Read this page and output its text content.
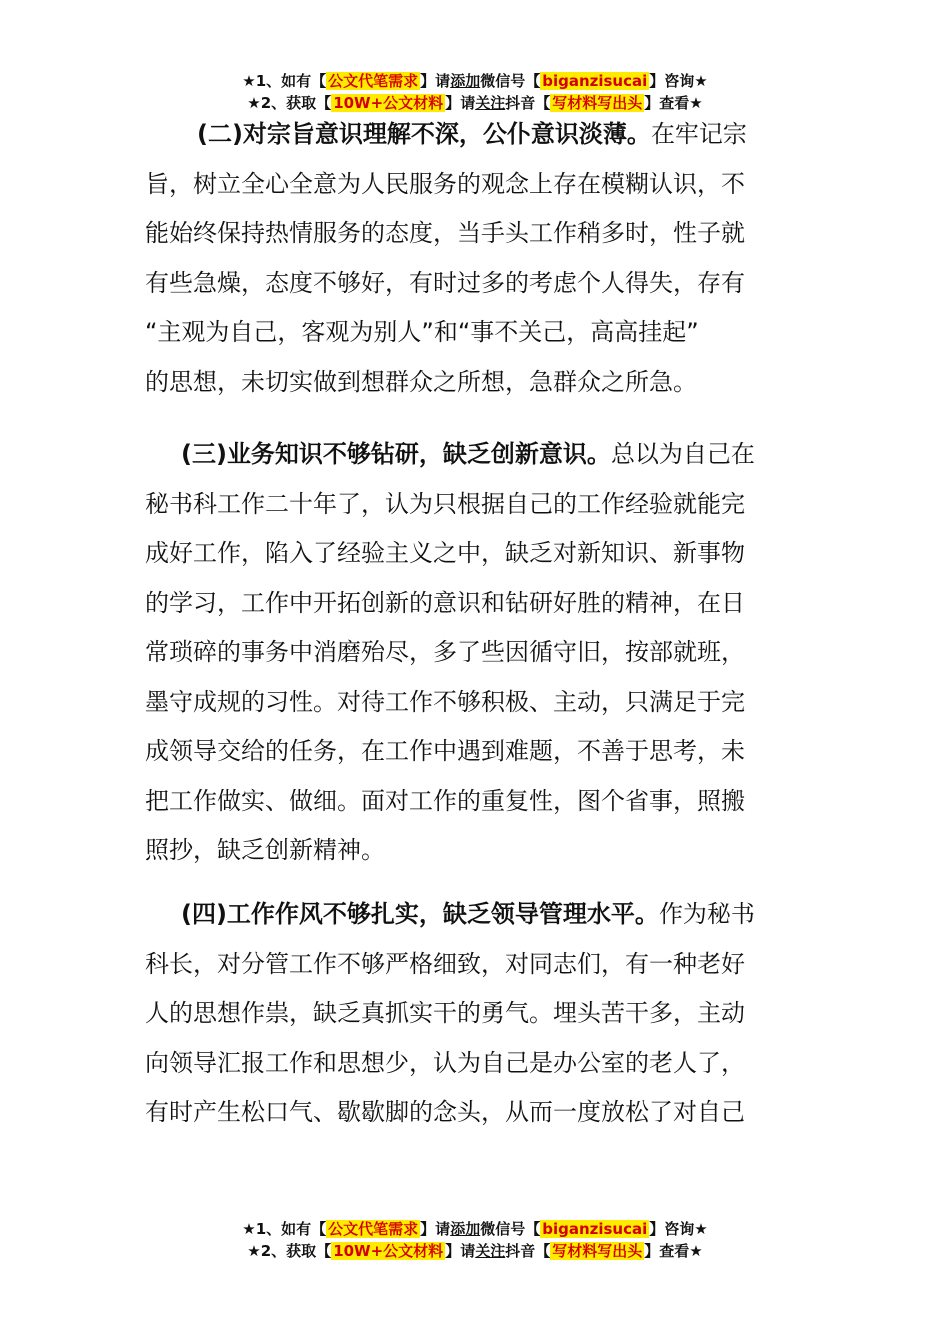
★1、如有【 公文代笔需求 】请添加微信号【 biganzisucai 】咨询★
★2、获取【 10W+公文材料 】请关注抖音【 写材料写出头 】查看★
(二)对宗旨意识理解不深，公仆意识淡薄。在牢记宗
旨，树立全心全意为人民服务的观念上存在模糊认识，不
能始终保持热情服务的态度，当手头工作稍多时，性子就
有些急燥，态度不够好，有时过多的考虑个人得失，存有
“主观为自己，客观为别人”和“事不关己，高高挂起”
的思想，未切实做到想群众之所想，急群众之所急。
(三)业务知识不够钻研，缺乏创新意识。总以为自己在
秘书科工作二十年了，认为只根据自己的工作经验就能完
成好工作，陷入了经验主义之中，缺乏对新知识、新事物
的学习，工作中开拓创新的意识和钻研好胜的精神，在日
常琐碎的事务中消磨殆尽，多了些因循守旧，按部就班，
墨守成规的习性。对待工作不够积极、主动，只满足于完
成领导交给的任务，在工作中遇到难题，不善于思考，未
把工作做实、做细。面对工作的重复性，图个省事，照搬
照抄，缺乏创新精神。
(四)工作作风不够扎实，缺乏领导管理水平。作为秘书
科长，对分管工作不够严格细致，对同志们，有一种老好
人的思想作祟，缺乏真抓实干的勇气。埋头苦干多，主动
向领导汇报工作和思想少，认为自己是办公室的老人了，
有时产生松口气、歇歇脚的念头，从而一度放松了对自己
★1、如有【 公文代笔需求 】请添加微信号【 biganzisucai 】咨询★
★2、获取【 10W+公文材料 】请关注抖音【 写材料写出头 】查看★
